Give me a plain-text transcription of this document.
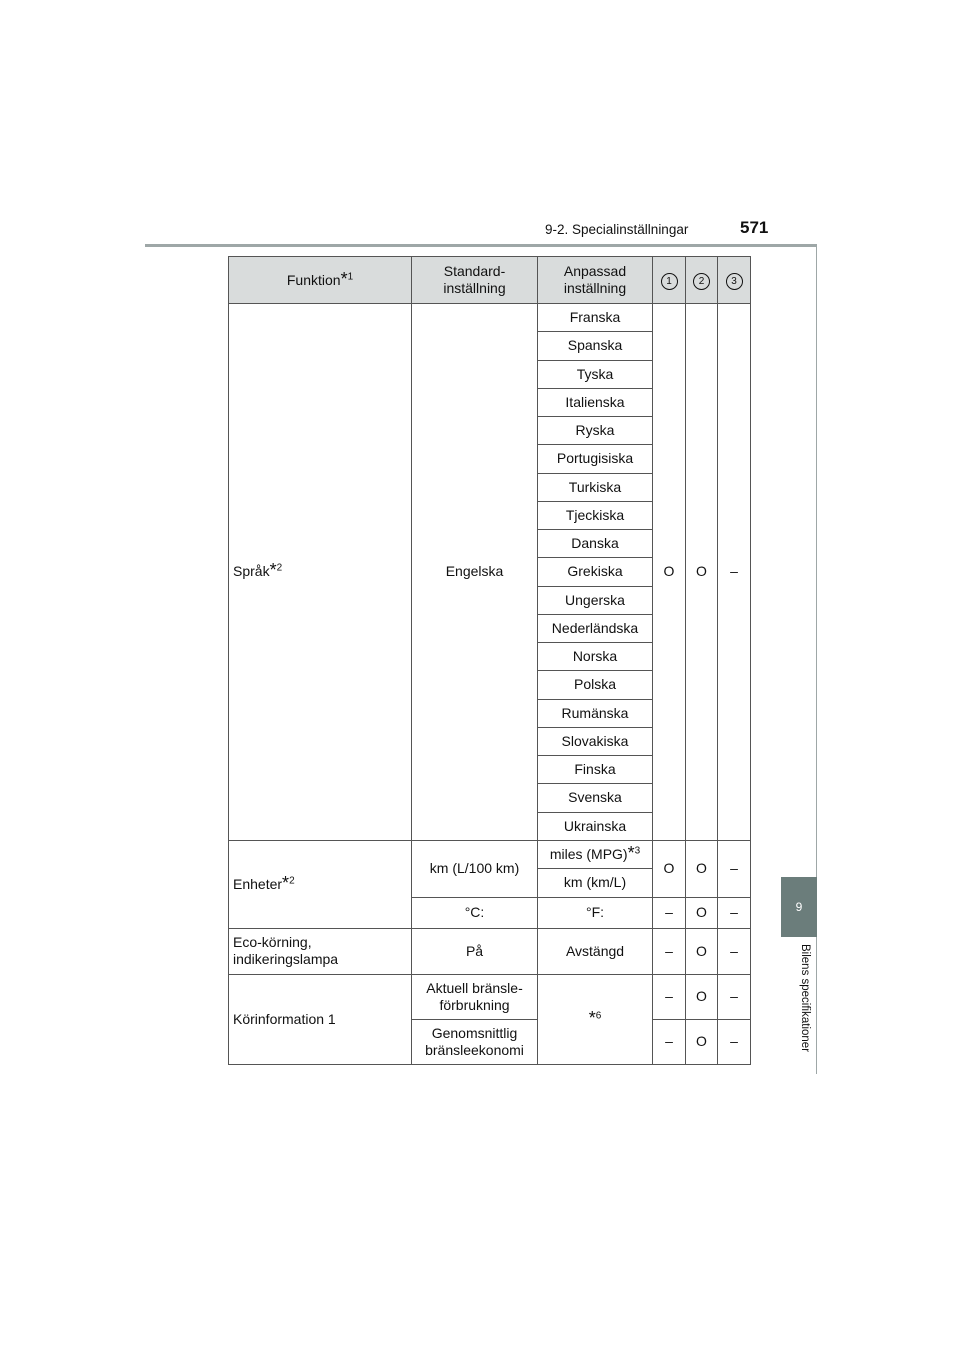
9-2. Specialinställningar	571
9
Bilens specifikationer
Funktion*$^1$	Standard-inställning	Anpassad inställning	1	2	3
Språk*$^2$	Engelska	Franska	O	O	–
		Spanska			
		Tyska			
		Italienska			
		Ryska			
		Portugisiska			
		Turkiska			
		Tjeckiska			
		Danska			
		Grekiska			
		Ungerska			
		Nederländska			
		Norska			
		Polska			
		Rumänska			
		Slovakiska			
		Finska			
		Svenska			
		Ukrainska			
Enheter*$^2$	km (L/100 km)	miles (MPG)*$^3$	O	O	–
		km (km/L)			
	°C:	°F:	–	O	–
Eco-körning, indikeringslampa	På	Avstängd	–	O	–
Körinformation 1	Aktuell bränsle-förbrukning	*$^6$	–	O	–
	Genomsnittlig bränsleekonomi		–	O	–
